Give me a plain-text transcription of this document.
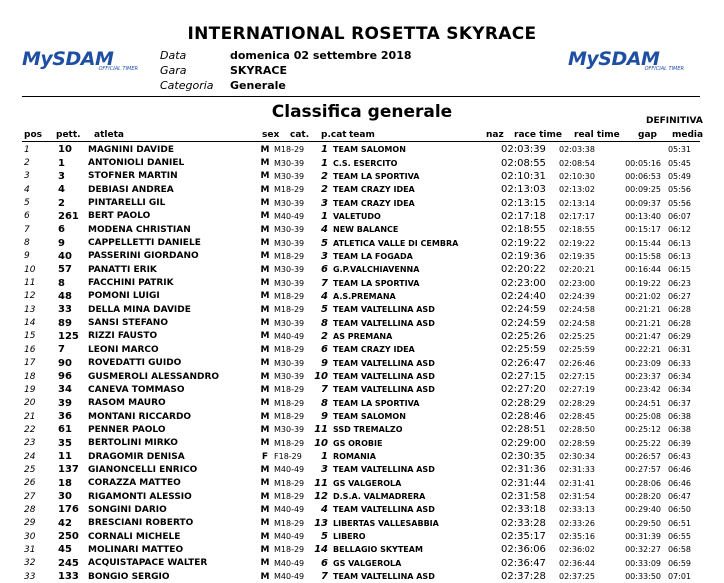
INTERNATIONAL ROSETTA SKYRACE
MySDAM
OFFICIAL TIMER	MySDAM
OFFICIAL TIMER
Data	domenica 02 settembre 2018
Gara	SKYRACE
Categoria	Generale
Classifica generale	DEFINITIVA
pos pett. atleta	sex cat. p.cat team	naz race time real time gap media
1	10	MAGNINI DAVIDE	M	M18-29	1	TEAM SALOMON		02:03:39	02:03:38		05:31
2	1	ANTONIOLI DANIEL	M	M30-39	1	C.S. ESERCITO		02:08:55	02:08:54	00:05:16	05:45
3	3	STOFNER MARTIN	M	M30-39	2	TEAM LA SPORTIVA		02:10:31	02:10:30	00:06:53	05:49
4	4	DEBIASI ANDREA	M	M18-29	2	TEAM CRAZY IDEA		02:13:03	02:13:02	00:09:25	05:56
5	2	PINTARELLI GIL	M	M30-39	3	TEAM CRAZY IDEA		02:13:15	02:13:14	00:09:37	05:56
6	261	BERT PAOLO	M	M40-49	1	VALETUDO		02:17:18	02:17:17	00:13:40	06:07
7	6	MODENA CHRISTIAN	M	M30-39	4	NEW BALANCE		02:18:55	02:18:55	00:15:17	06:12
8	9	CAPPELLETTI DANIELE	M	M30-39	5	ATLETICA VALLE DI CEMBRA		02:19:22	02:19:22	00:15:44	06:13
9	40	PASSERINI GIORDANO	M	M18-29	3	TEAM LA FOGADA		02:19:36	02:19:35	00:15:58	06:13
10	57	PANATTI ERIK	M	M30-39	6	G.P.VALCHIAVENNA		02:20:22	02:20:21	00:16:44	06:15
11	8	FACCHINI PATRIK	M	M30-39	7	TEAM LA SPORTIVA		02:23:00	02:23:00	00:19:22	06:23
12	48	POMONI LUIGI	M	M18-29	4	A.S.PREMANA		02:24:40	02:24:39	00:21:02	06:27
13	33	DELLA MINA DAVIDE	M	M18-29	5	TEAM VALTELLINA ASD		02:24:59	02:24:58	00:21:21	06:28
14	89	SANSI STEFANO	M	M30-39	8	TEAM VALTELLINA ASD		02:24:59	02:24:58	00:21:21	06:28
15	125	RIZZI FAUSTO	M	M40-49	2	AS PREMANA		02:25:26	02:25:25	00:21:47	06:29
16	7	LEONI MARCO	M	M18-29	6	TEAM CRAZY IDEA		02:25:59	02:25:59	00:22:21	06:31
17	90	ROVEDATTI GUIDO	M	M30-39	9	TEAM VALTELLINA ASD		02:26:47	02:26:46	00:23:09	06:33
18	96	GUSMEROLI ALESSANDRO	M	M30-39	10	TEAM VALTELLINA ASD		02:27:15	02:27:15	00:23:37	06:34
19	34	CANEVA TOMMASO	M	M18-29	7	TEAM VALTELLINA ASD		02:27:20	02:27:19	00:23:42	06:34
20	39	RASOM MAURO	M	M18-29	8	TEAM LA SPORTIVA		02:28:29	02:28:29	00:24:51	06:37
21	36	MONTANI RICCARDO	M	M18-29	9	TEAM SALOMON		02:28:46	02:28:45	00:25:08	06:38
22	61	PENNER PAOLO	M	M30-39	11	SSD TREMALZO		02:28:51	02:28:50	00:25:12	06:38
23	35	BERTOLINI MIRKO	M	M18-29	10	GS OROBIE		02:29:00	02:28:59	00:25:22	06:39
24	11	DRAGOMIR DENISA	F	F18-29	1	ROMANIA		02:30:35	02:30:34	00:26:57	06:43
25	137	GIANONCELLI ENRICO	M	M40-49	3	TEAM VALTELLINA ASD		02:31:36	02:31:33	00:27:57	06:46
26	18	CORAZZA MATTEO	M	M18-29	11	GS VALGEROLA		02:31:44	02:31:41	00:28:06	06:46
27	30	RIGAMONTI ALESSIO	M	M18-29	12	D.S.A. VALMADRERA		02:31:58	02:31:54	00:28:20	06:47
28	176	SONGINI DARIO	M	M40-49	4	TEAM VALTELLINA ASD		02:33:18	02:33:13	00:29:40	06:50
29	42	BRESCIANI ROBERTO	M	M18-29	13	LIBERTAS VALLESABBIA		02:33:28	02:33:26	00:29:50	06:51
30	250	CORNALI MICHELE	M	M40-49	5	LIBERO		02:35:17	02:35:16	00:31:39	06:55
31	45	MOLINARI MATTEO	M	M18-29	14	BELLAGIO SKYTEAM		02:36:06	02:36:02	00:32:27	06:58
32	245	ACQUISTAPACE WALTER	M	M40-49	6	GS VALGEROLA		02:36:47	02:36:44	00:33:09	06:59
33	133	BONGIO SERGIO	M	M40-49	7	TEAM VALTELLINA ASD		02:37:28	02:37:25	00:33:50	07:01
